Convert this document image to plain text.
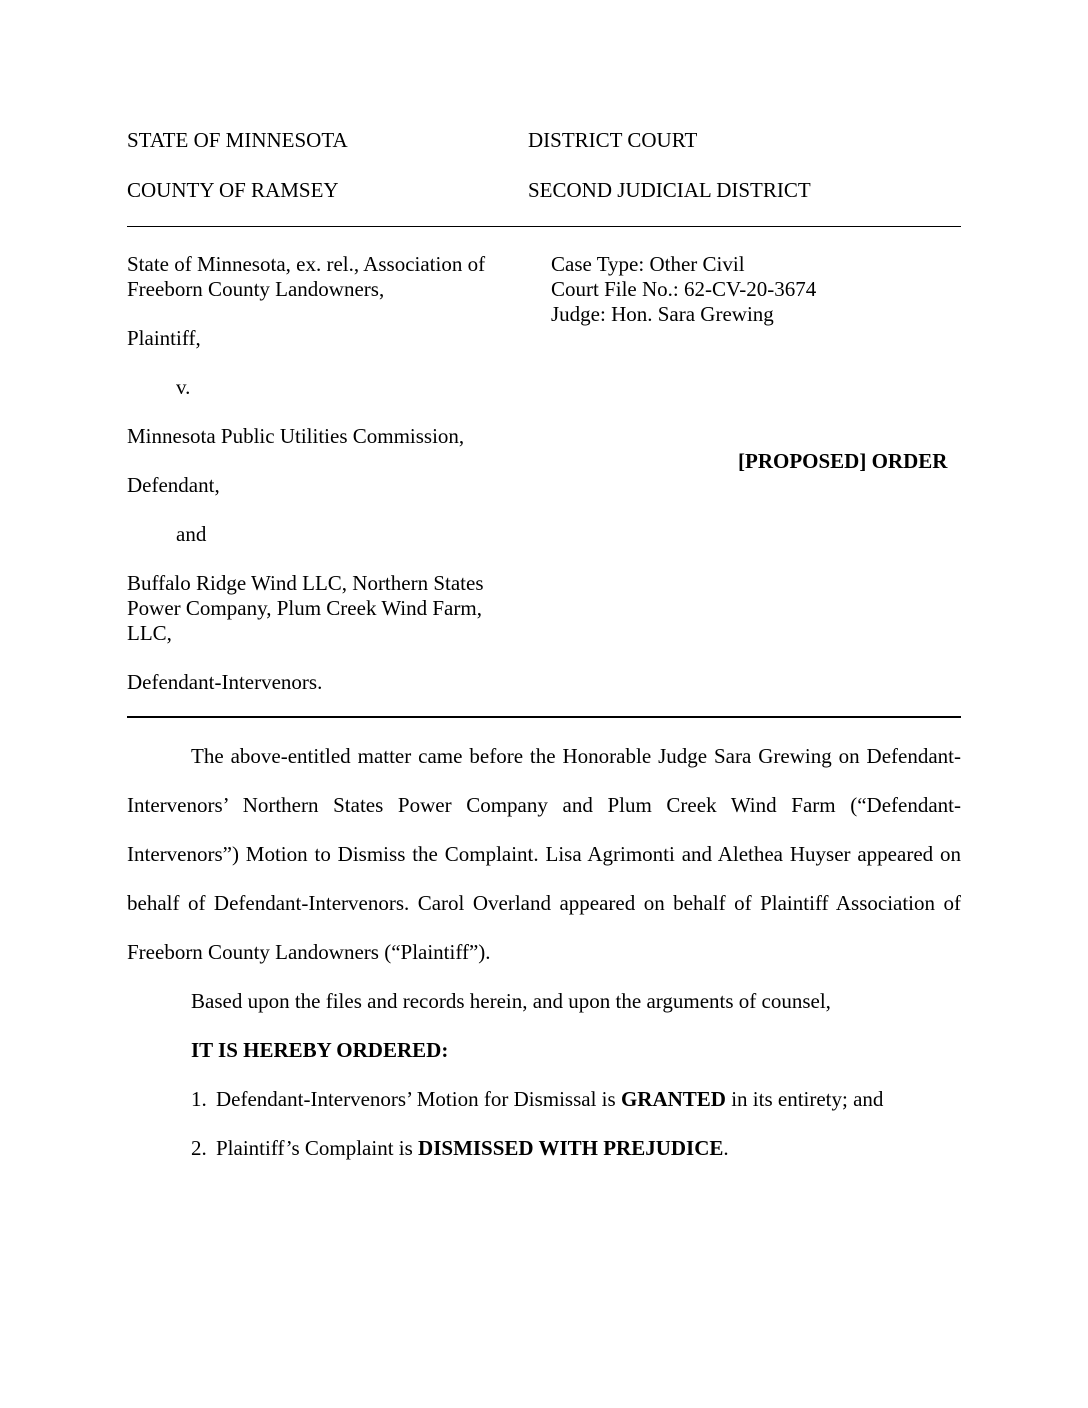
STATE OF MINNESOTA	DISTRICT COURT
COUNTY OF RAMSEY	SECOND JUDICIAL DISTRICT
State of Minnesota, ex. rel., Association of
Freeborn County Landowners,
Plaintiff,
v.
Minnesota Public Utilities Commission,
Defendant,
and
Buffalo Ridge Wind LLC, Northern States
Power Company, Plum Creek Wind Farm,
LLC,
Defendant-Intervenors.
Case Type: Other Civil
Court File No.: 62-CV-20-3674
Judge: Hon. Sara Grewing
[PROPOSED] ORDER
The above-entitled matter came before the Honorable Judge Sara Grewing on Defendant-
Intervenors’ Northern States Power Company and Plum Creek Wind Farm (“Defendant-
Intervenors”) Motion to Dismiss the Complaint. Lisa Agrimonti and Alethea Huyser appeared on
behalf of Defendant-Intervenors. Carol Overland appeared on behalf of Plaintiff Association of
Freeborn County Landowners (“Plaintiff”).
Based upon the files and records herein, and upon the arguments of counsel,
IT IS HEREBY ORDERED:
1. Defendant-Intervenors’ Motion for Dismissal is GRANTED in its entirety; and
2. Plaintiff’s Complaint is DISMISSED WITH PREJUDICE.
